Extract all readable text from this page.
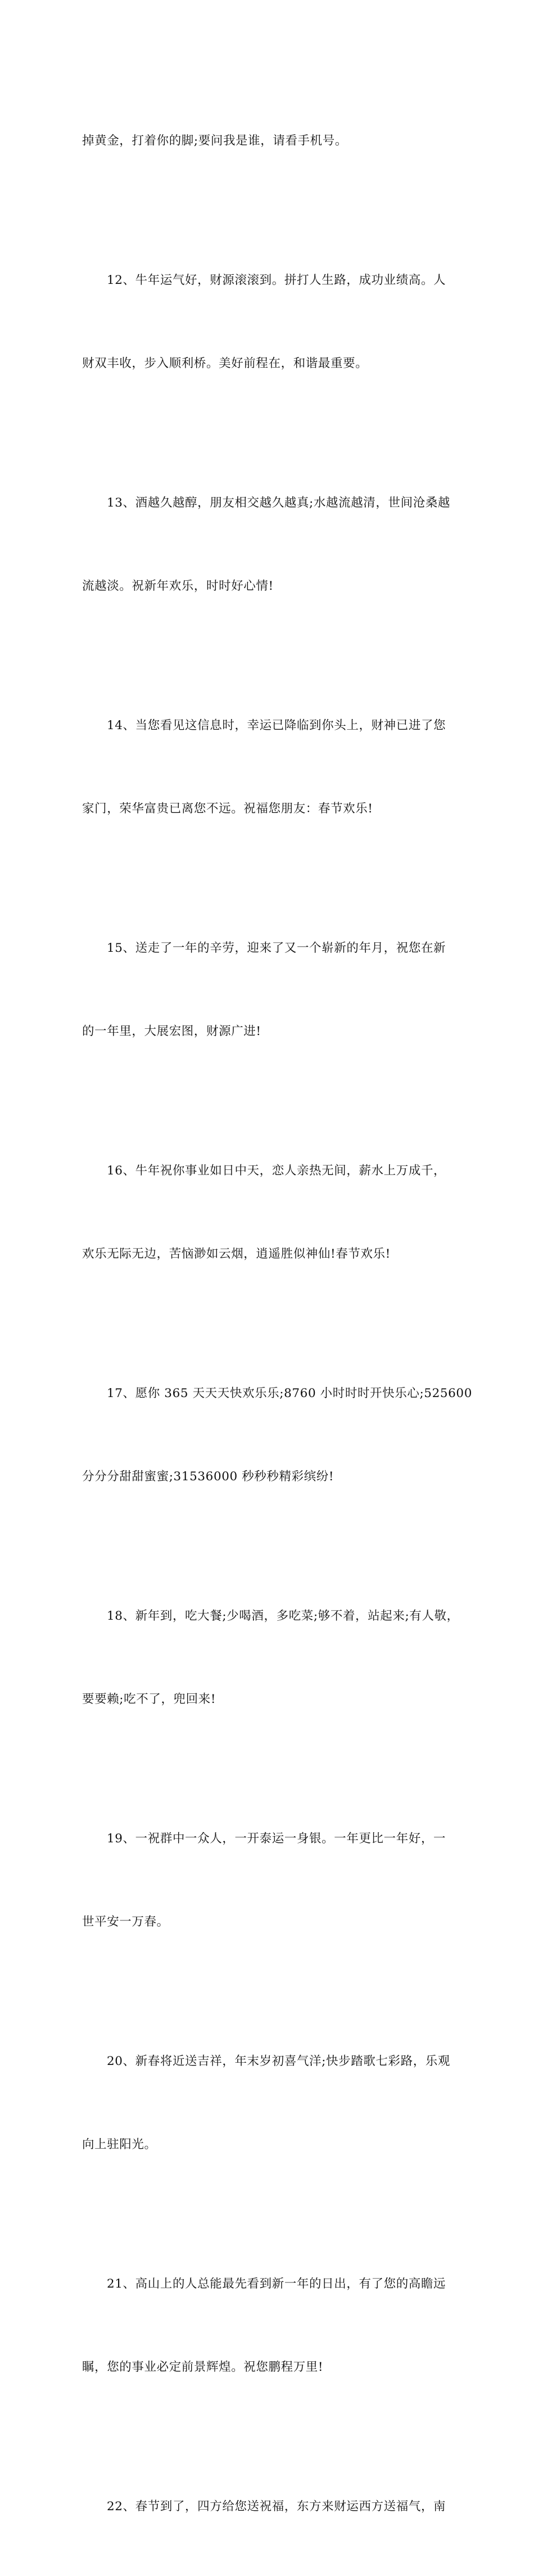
掉黄金，打着你的脚;要问我是谁，请看手机号。

12、牛年运气好，财源滚滚到。拼打人生路，成功业绩高。人

财双丰收，步入顺利桥。美好前程在，和谐最重要。

13、酒越久越醇，朋友相交越久越真;水越流越清，世间沧桑越

流越淡。祝新年欢乐，时时好心情!

14、当您看见这信息时，幸运已降临到你头上，财神已进了您

家门，荣华富贵已离您不远。祝福您朋友：春节欢乐!

15、送走了一年的辛劳，迎来了又一个崭新的年月，祝您在新

的一年里，大展宏图，财源广进!

16、牛年祝你事业如日中天，恋人亲热无间，薪水上万成千，

欢乐无际无边，苦恼渺如云烟，逍遥胜似神仙!春节欢乐!

17、愿你 365 天天天快欢乐乐;8760 小时时时开快乐心;525600

分分分甜甜蜜蜜;31536000 秒秒秒精彩缤纷!

18、新年到，吃大餐;少喝酒，多吃菜;够不着，站起来;有人敬，

要要赖;吃不了，兜回来!

19、一祝群中一众人，一开泰运一身银。一年更比一年好，一

世平安一万春。

20、新春将近送吉祥，年末岁初喜气洋;快步踏歌七彩路，乐观

向上驻阳光。

21、高山上的人总能最先看到新一年的日出，有了您的高瞻远

瞩，您的事业必定前景辉煌。祝您鹏程万里!

22、春节到了，四方给您送祝福，东方来财运西方送福气，南
